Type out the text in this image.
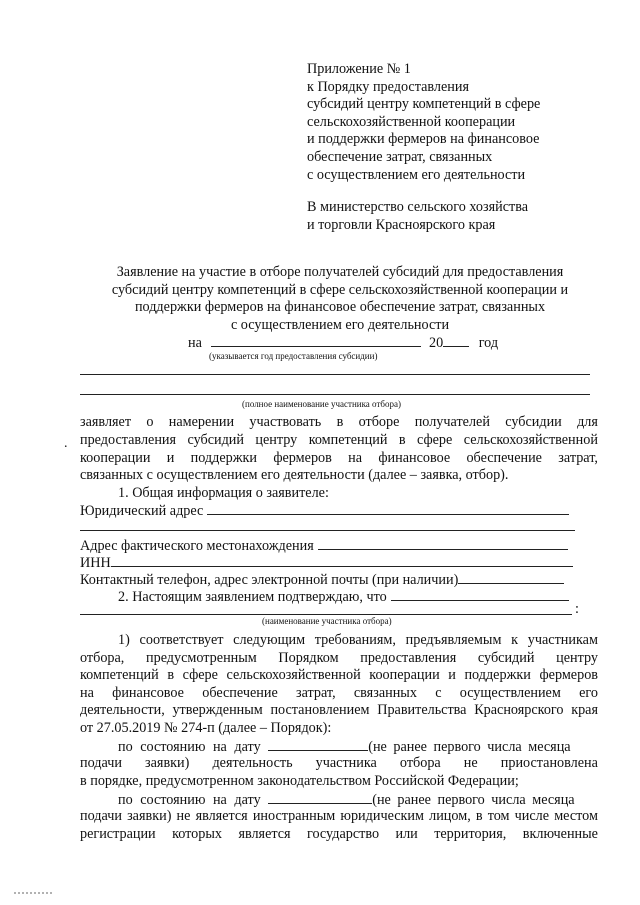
Приложение № 1
к Порядку предоставления
субсидий центру компетенций в сфере
сельскохозяйственной кооперации
и поддержки фермеров на финансовое
обеспечение затрат, связанных
с осуществлением его деятельности
В министерство сельского хозяйства
и торговли Красноярского края
Заявление на участие в отборе получателей субсидий для предоставления
субсидий центру компетенций в сфере сельскохозяйственной кооперации и
поддержки фермеров на финансовое обеспечение затрат, связанных
с осуществлением его деятельности
на	20	год
(указывается год предоставления субсидии)
(полное наименование участника отбора)
.
заявляет о намерении участвовать в отборе получателей субсидии для
предоставления субсидий центру компетенций в сфере сельскохозяйственной
кооперации и поддержки фермеров на финансовое обеспечение затрат,
связанных с осуществлением его деятельности (далее – заявка, отбор).
1. Общая информация о заявителе:
Юридический адрес
Адрес фактического местонахождения
ИНН
Контактный телефон, адрес электронной почты (при наличии)
2. Настоящим заявлением подтверждаю, что
:
(наименование участника отбора)
1) соответствует следующим требованиям, предъявляемым к участникам
отбора, предусмотренным Порядком предоставления субсидий центру
компетенций в сфере сельскохозяйственной кооперации и поддержки фермеров
на финансовое обеспечение затрат, связанных с осуществлением его
деятельности, утвержденным постановлением Правительства Красноярского края
от 27.05.2019 № 274-п (далее – Порядок):
по состоянию на дату	(не ранее первого числа месяца
подачи заявки) деятельность участника отбора не приостановлена
в порядке, предусмотренном законодательством Российской Федерации;
по состоянию на дату	(не ранее первого числа месяца
подачи заявки) не является иностранным юридическим лицом, в том числе местом
регистрации которых является государство или территория, включенные
